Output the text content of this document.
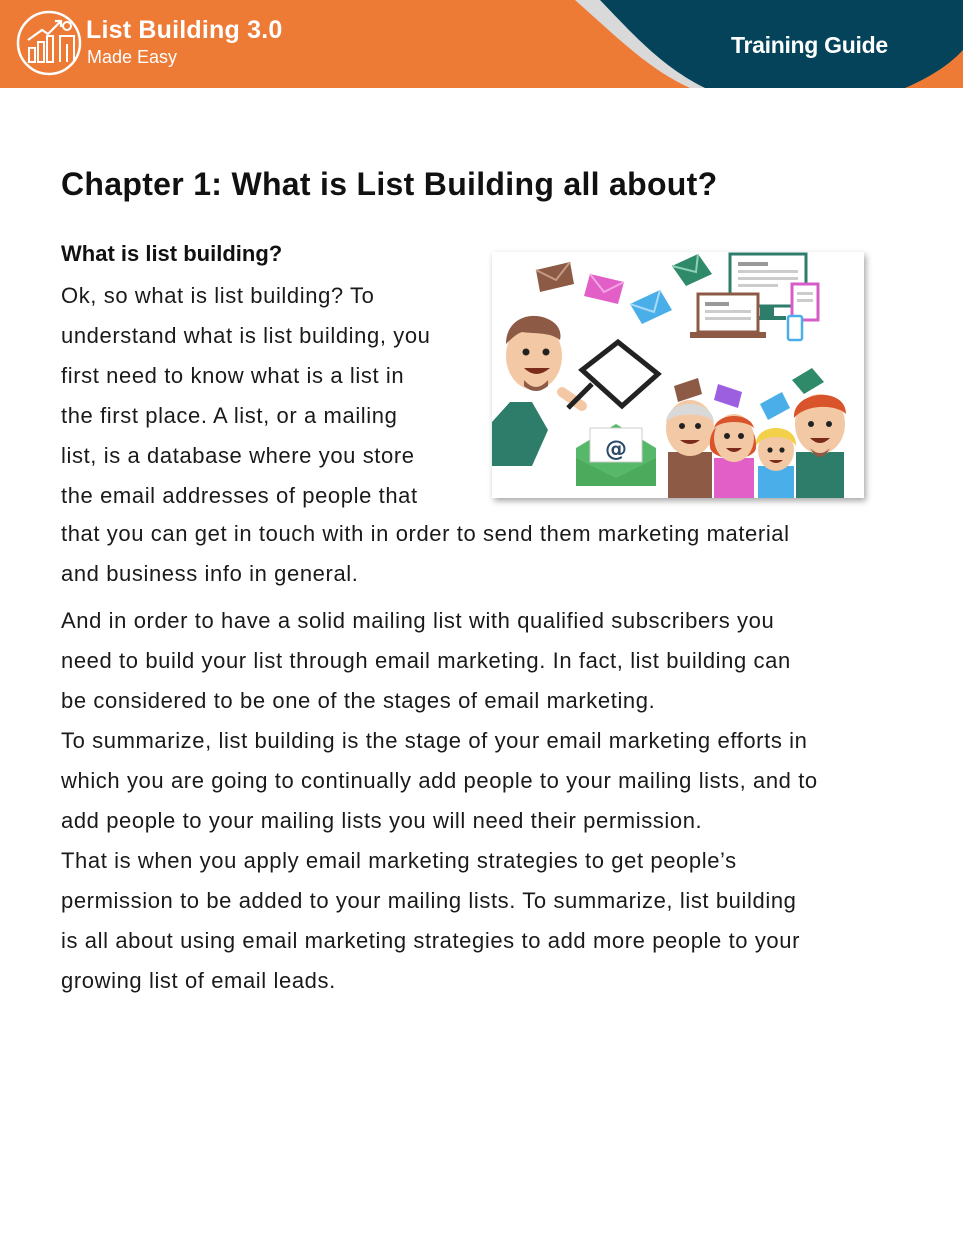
List Building 3.0
Made Easy	Training Guide
Chapter 1: What is List Building all about?
What is list building?
Ok, so what is list building? To
understand what is list building, you
first need to know what is a list in
the first place. A list, or a mailing
list, is a database where you store
the email addresses of people that
that you can get in touch with in order to send them marketing material
and business info in general.
And in order to have a solid mailing list with qualified subscribers you
need to build your list through email marketing. In fact, list building can
be considered to be one of the stages of email marketing.
To summarize, list building is the stage of your email marketing efforts in
which you are going to continually add people to your mailing lists, and to
add people to your mailing lists you will need their permission.
That is when you apply email marketing strategies to get people’s
permission to be added to your mailing lists. To summarize, list building
is all about using email marketing strategies to add more people to your
growing list of email leads.
@
